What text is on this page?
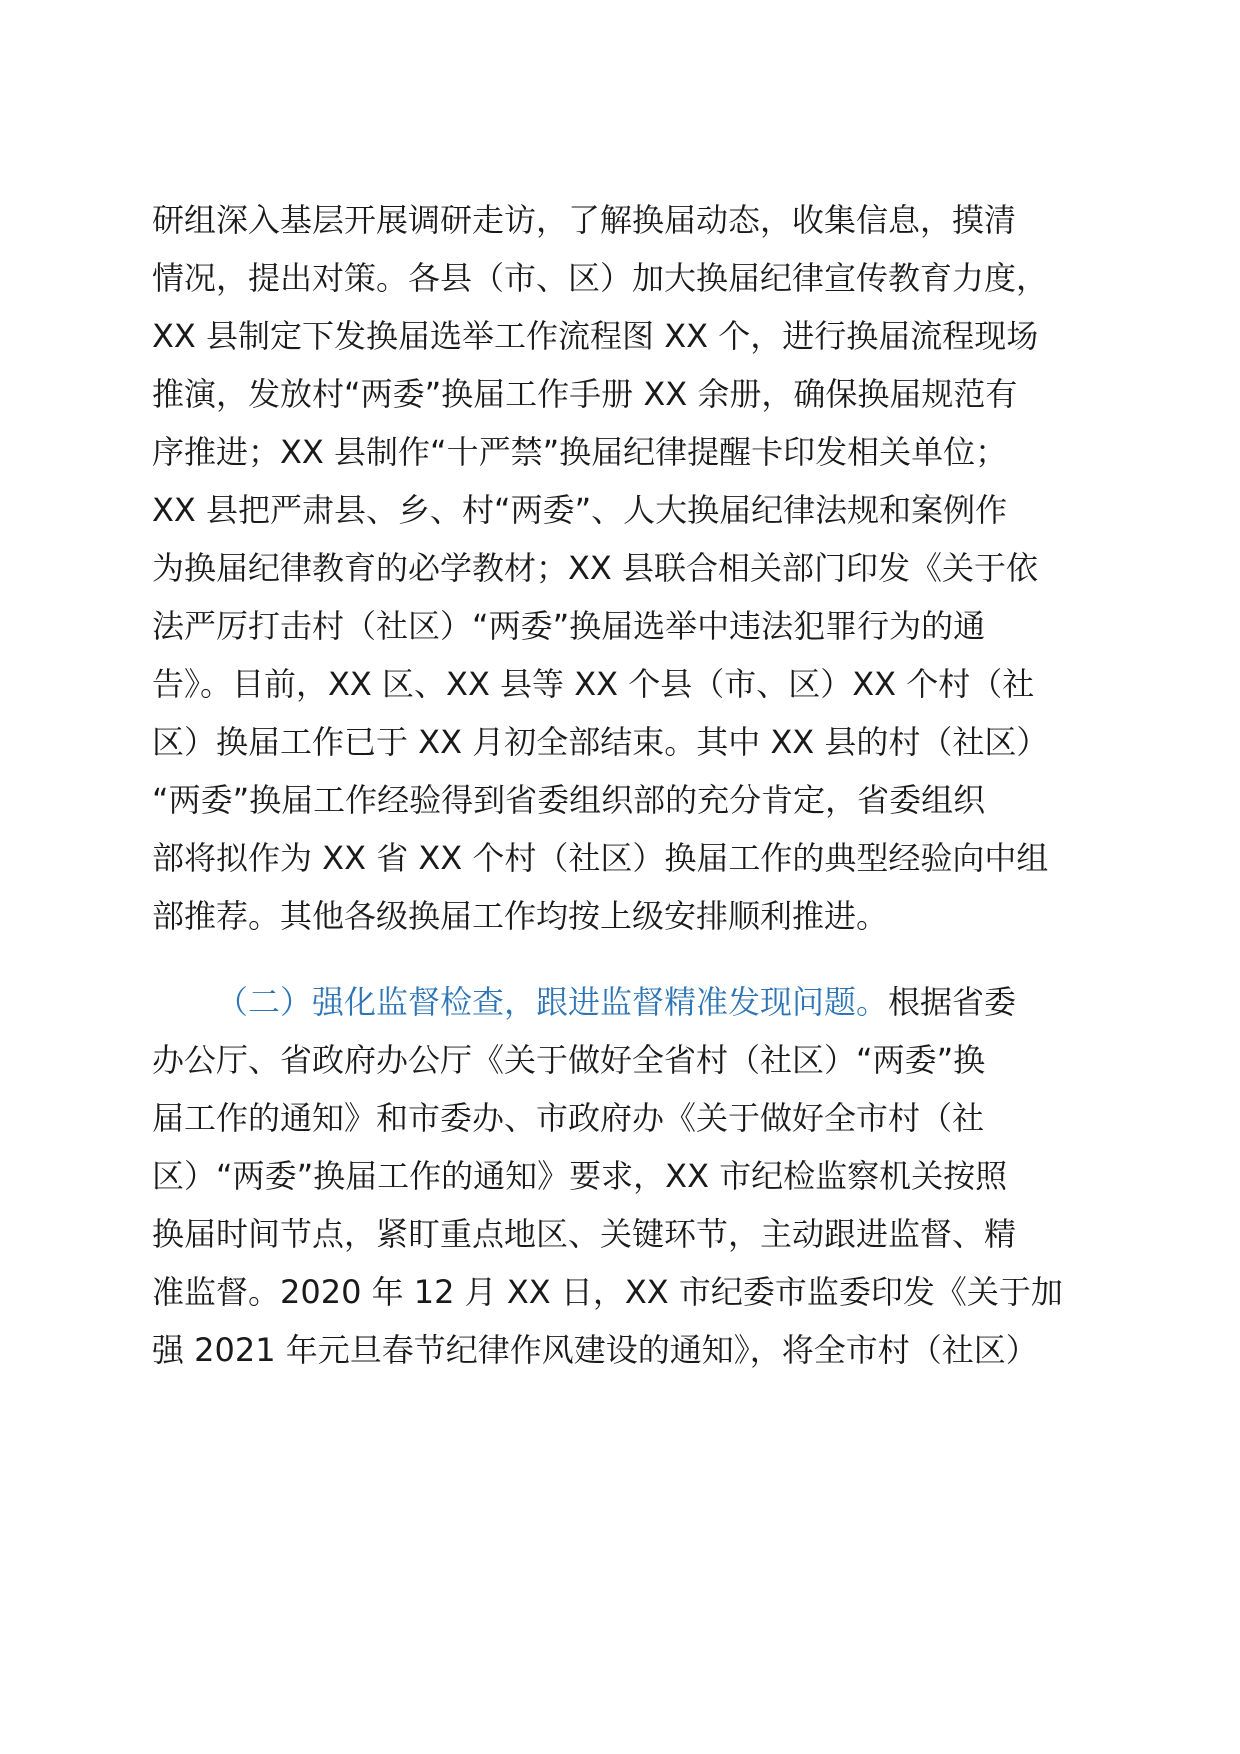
研组深入基层开展调研走访，了解换届动态，收集信息，摸清
情况，提出对策。各县（市、区）加大换届纪律宣传教育力度，
XX 县制定下发换届选举工作流程图 XX 个，进行换届流程现场
推演，发放村“两委”换届工作手册 XX 余册，确保换届规范有
序推进；XX 县制作“十严禁”换届纪律提醒卡印发相关单位；
XX 县把严肃县、乡、村“两委”、人大换届纪律法规和案例作
为换届纪律教育的必学教材；XX 县联合相关部门印发《关于依
法严厉打击村（社区）“两委”换届选举中违法犯罪行为的通
告》。目前，XX 区、XX 县等 XX 个县（市、区）XX 个村（社
区）换届工作已于 XX 月初全部结束。其中 XX 县的村（社区）
“两委”换届工作经验得到省委组织部的充分肯定，省委组织
部将拟作为 XX 省 XX 个村（社区）换届工作的典型经验向中组
部推荐。其他各级换届工作均按上级安排顺利推进。
（二）强化监督检查，跟进监督精准发现问题。根据省委
办公厅、省政府办公厅《关于做好全省村（社区）“两委”换
届工作的通知》和市委办、市政府办《关于做好全市村（社
区）“两委”换届工作的通知》要求，XX 市纪检监察机关按照
换届时间节点，紧盯重点地区、关键环节，主动跟进监督、精
准监督。2020 年 12 月 XX 日，XX 市纪委市监委印发《关于加
强 2021 年元旦春节纪律作风建设的通知》，将全市村（社区）
